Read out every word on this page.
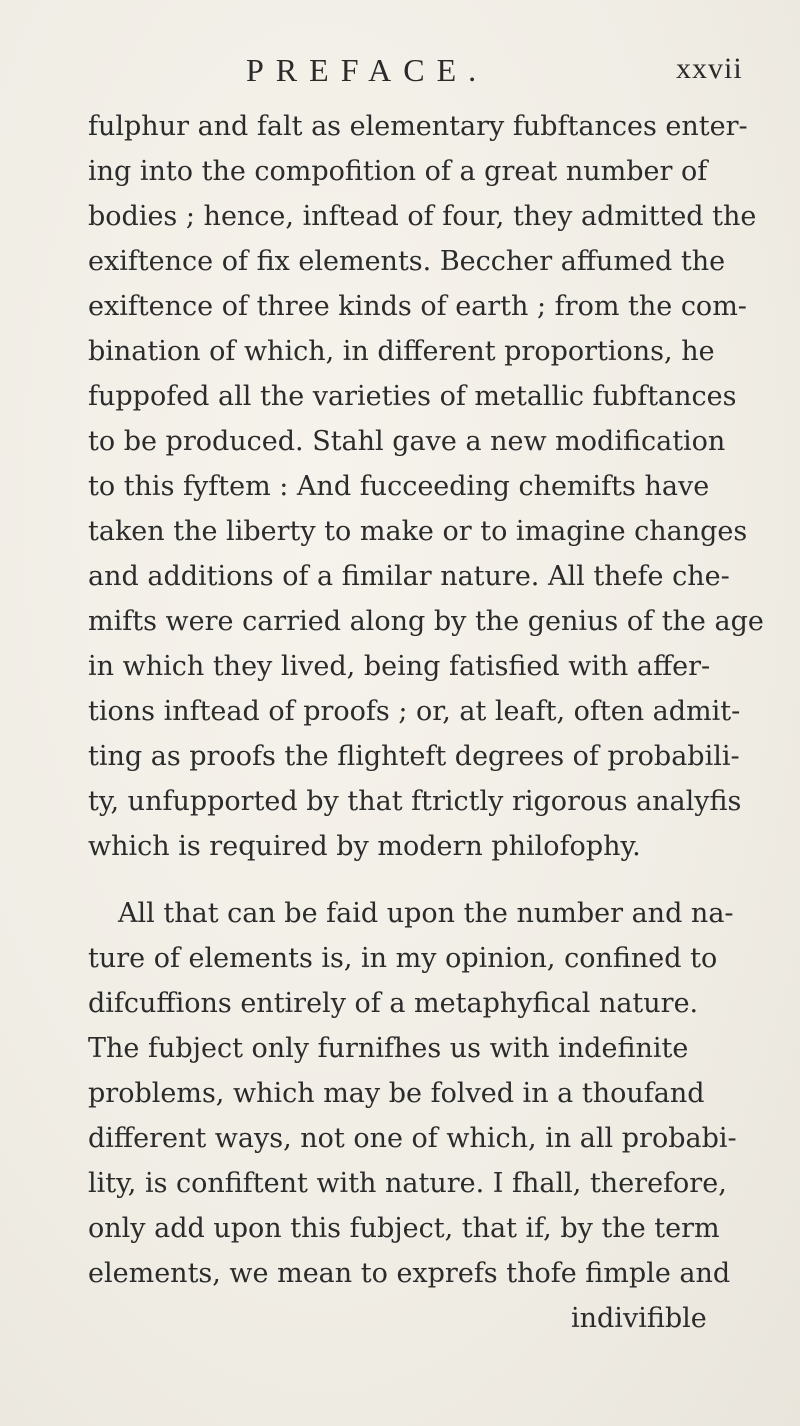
PREFACE.	xxvii
fulphur and falt as elementary fubftances enter-
ing into the compofition of a great number of
bodies ; hence, inftead of four, they admitted the
exiftence of fix elements. Beccher affumed the
exiftence of three kinds of earth ; from the com-
bination of which, in different proportions, he
fuppofed all the varieties of metallic fubftances
to be produced. Stahl gave a new modification
to this fyftem : And fucceeding chemifts have
taken the liberty to make or to imagine changes
and additions of a fimilar nature. All thefe che-
mifts were carried along by the genius of the age
in which they lived, being fatisfied with affer-
tions inftead of proofs ; or, at leaft, often admit-
ting as proofs the flighteft degrees of probabili-
ty, unfupported by that ftrictly rigorous analyfis
which is required by modern philofophy.
All that can be faid upon the number and na-
ture of elements is, in my opinion, confined to
difcuffions entirely of a metaphyfical nature.
The fubject only furnifhes us with indefinite
problems, which may be folved in a thoufand
different ways, not one of which, in all probabi-
lity, is confiftent with nature. I fhall, therefore,
only add upon this fubject, that if, by the term
elements, we mean to exprefs thofe fimple and
indivifible
